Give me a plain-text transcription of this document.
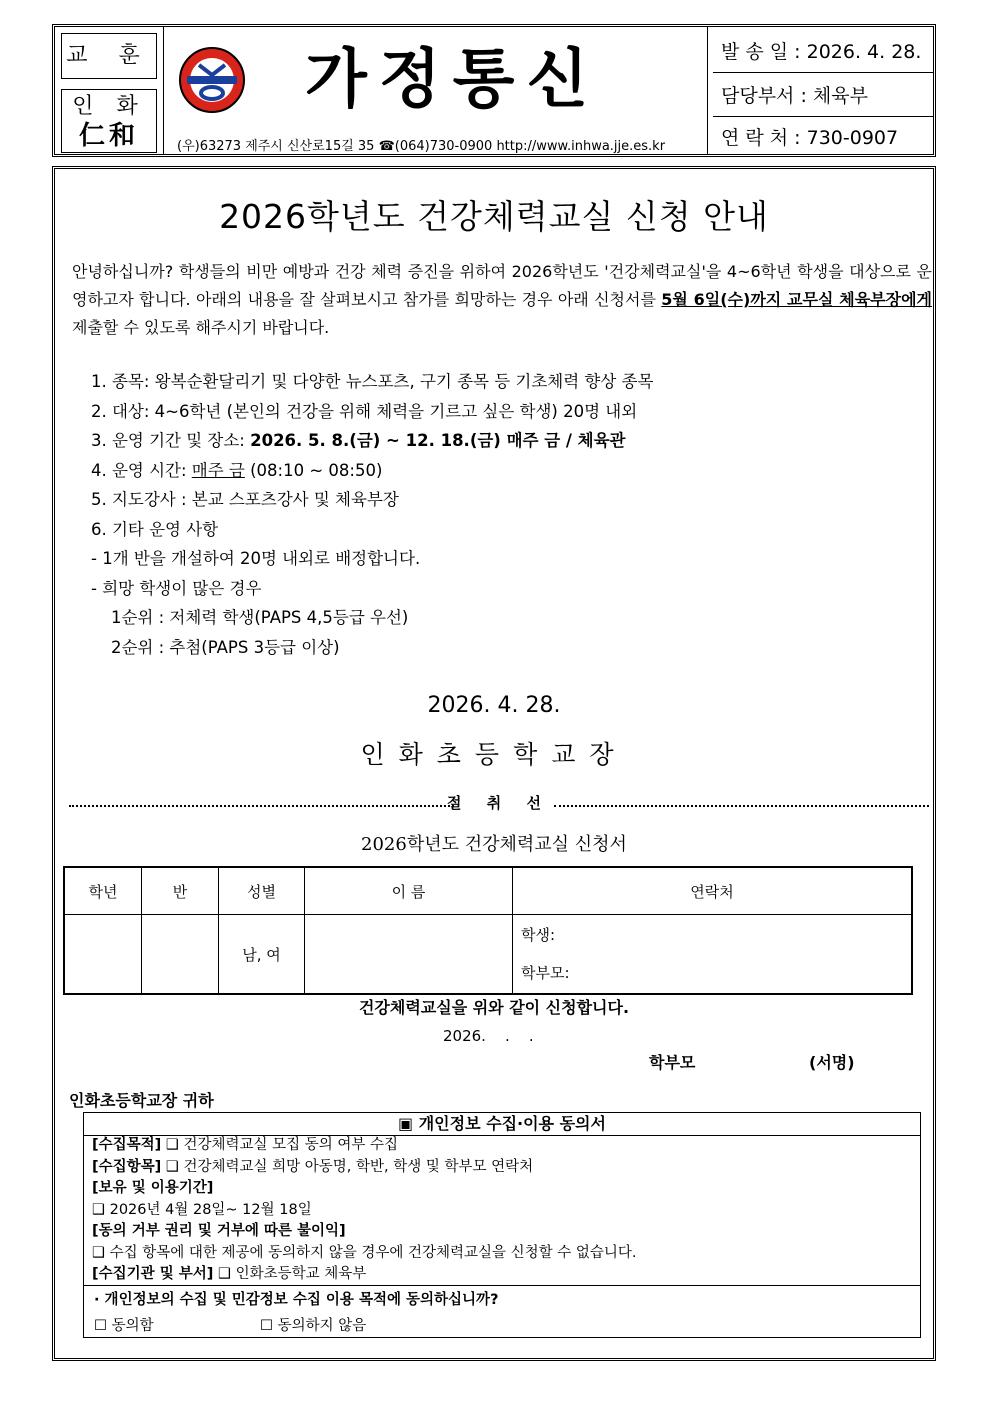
교 훈
인 화
仁和
가정통신
(우)63273 제주시 신산로15길 35 ☎(064)730-0900 http://www.inhwa.jje.es.kr
발 송 일 : 2026. 4. 28.
담당부서 : 체육부
연 락 처 : 730-0907
2026학년도 건강체력교실 신청 안내
안녕하십니까? 학생들의 비만 예방과 건강 체력 증진을 위하여 2026학년도 '건강체력교실'을 4~6학년 학생을 대상으로 운영하고자 합니다. 아래의 내용을 잘 살펴보시고 참가를 희망하는 경우 아래 신청서를 5월 6일(수)까지 교무실 체육부장에게 제출할 수 있도록 해주시기 바랍니다.
1. 종목: 왕복순환달리기 및 다양한 뉴스포츠, 구기 종목 등 기초체력 향상 종목
2. 대상: 4~6학년 (본인의 건강을 위해 체력을 기르고 싶은 학생) 20명 내외
3. 운영 기간 및 장소: 2026. 5. 8.(금) ~ 12. 18.(금) 매주 금 / 체육관
4. 운영 시간: 매주 금 (08:10 ~ 08:50)
5. 지도강사 : 본교 스포츠강사 및 체육부장
6. 기타 운영 사항
- 1개 반을 개설하여 20명 내외로 배정합니다.
- 희망 학생이 많은 경우
1순위 : 저체력 학생(PAPS 4,5등급 우선)
2순위 : 추첨(PAPS 3등급 이상)
2026. 4. 28.
인화초등학교장
절 취 선
2026학년도 건강체력교실 신청서
학년	반	성별	이 름	연락처
		남, 여		학생:
학부모:
건강체력교실을 위와 같이 신청합니다.
2026.    .    .
학부모	(서명)
인화초등학교장 귀하
▣ 개인정보 수집·이용 동의서
[수집목적] ❑ 건강체력교실 모집 동의 여부 수집
[수집항목] ❑ 건강체력교실 희망 아동명, 학반, 학생 및 학부모 연락처
[보유 및 이용기간]
❑ 2026년 4월 28일~ 12월 18일
[동의 거부 권리 및 거부에 따른 불이익]
❑ 수집 항목에 대한 제공에 동의하지 않을 경우에 건강체력교실을 신청할 수 없습니다.
[수집기관 및 부서] ❑ 인화초등학교 체육부
· 개인정보의 수집 및 민감정보 수집 이용 목적에 동의하십니까?
☐ 동의함	☐ 동의하지 않음
